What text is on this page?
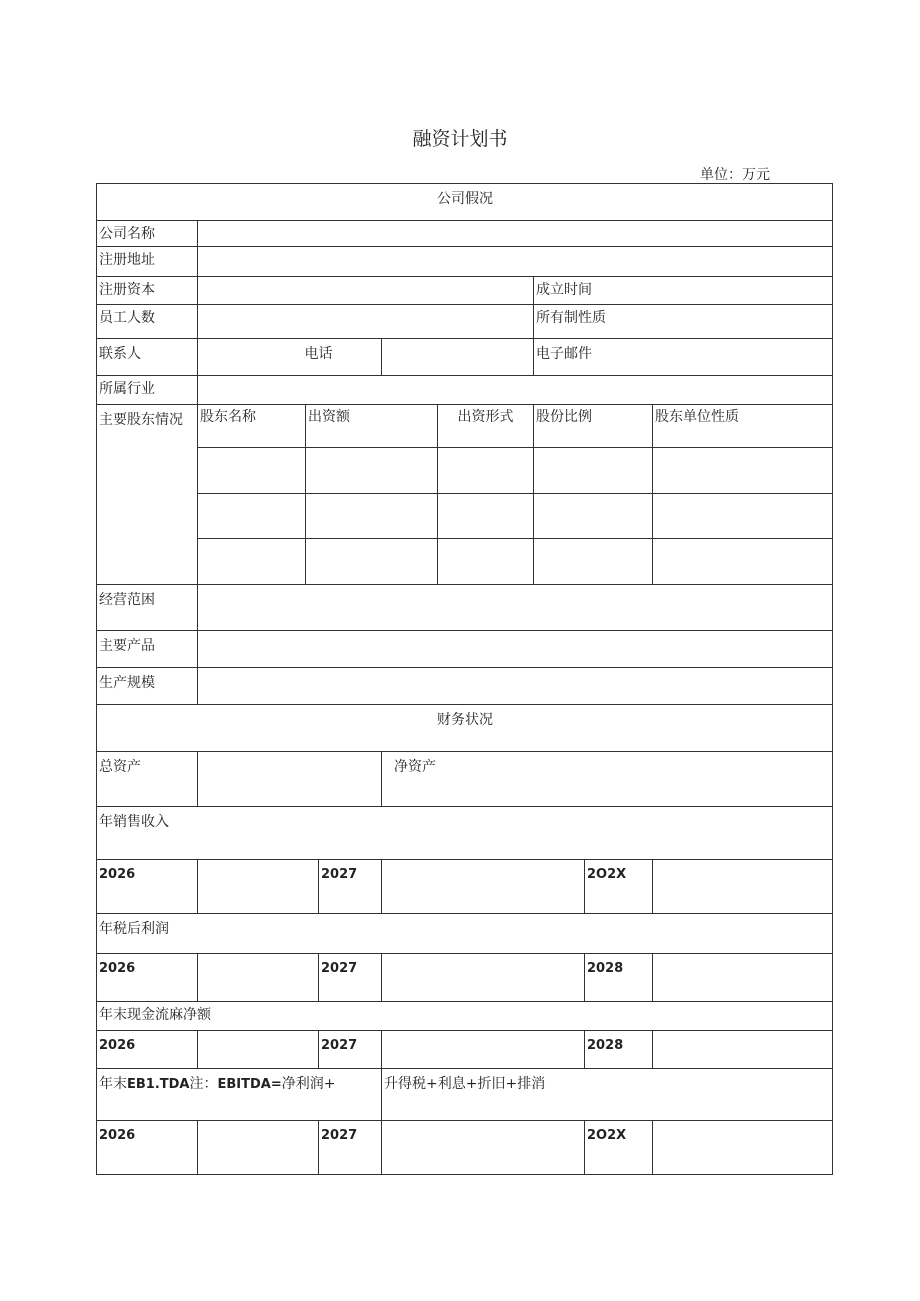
融资计划书
单位：万元
公司假况
公司名称
注册地址
注册资本	成立时间
员工人数	所有制性质
联系人	电话	电子邮件
所属行业
主要股东情况	股东名称	出资额	出资形式	股份比例	股东单位性质
经营范困
主要产品
生产规模
财务状况
总资产	净资产
年销售收入
2026	2027	2O2X
年税后利润
2026	2027	2028
年末现金流麻净额
2026	2027	2028
年末EB1.TDA注：EBITDA=净利润+	升得税+利息+折旧+排消
2026	2027	2O2X
